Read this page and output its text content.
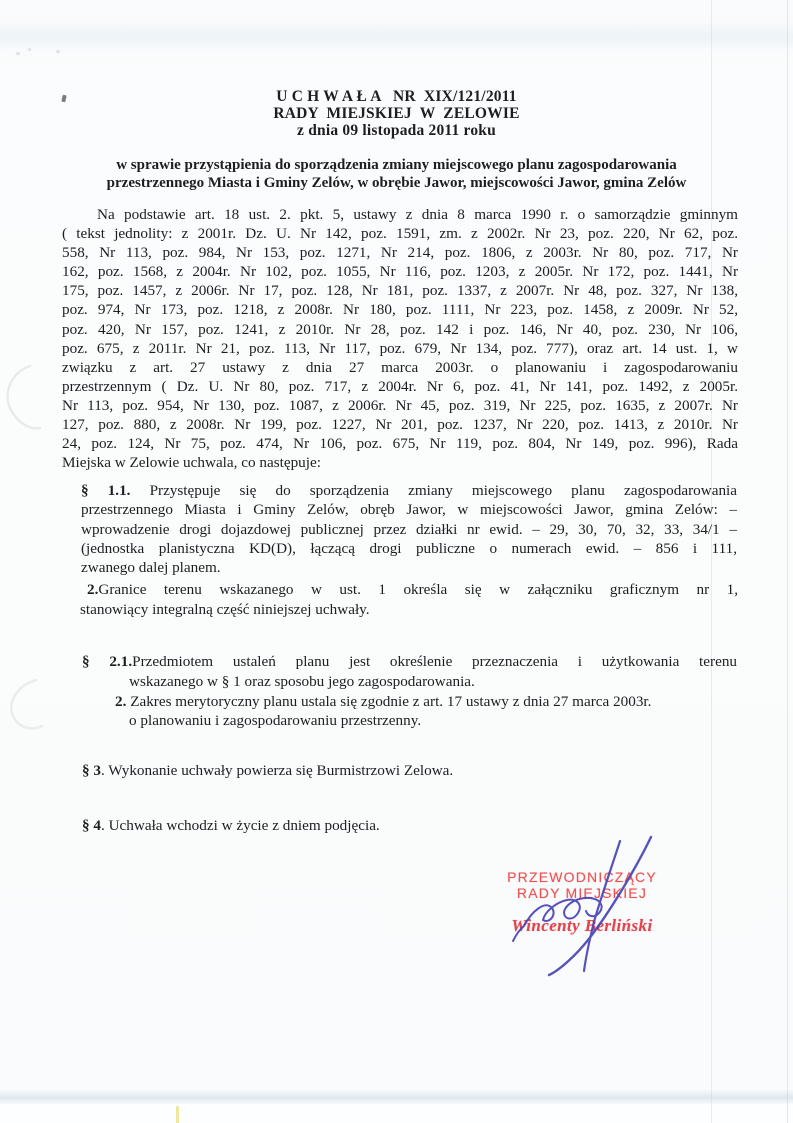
U C H W A Ł A   NR  XIX/121/2011
RADY  MIEJSKIEJ  W  ZELOWIE
z dnia 09 listopada 2011 roku
w sprawie przystąpienia do sporządzenia zmiany miejscowego planu zagospodarowania
przestrzennego Miasta i Gminy Zelów, w obrębie Jawor, miejscowości Jawor, gmina Zelów
Na podstawie art. 18 ust. 2. pkt. 5, ustawy z dnia 8 marca 1990 r. o samorządzie gminnym
( tekst jednolity: z 2001r. Dz. U. Nr 142, poz. 1591, zm. z 2002r. Nr 23, poz. 220, Nr 62, poz.
558, Nr 113, poz. 984, Nr 153, poz. 1271, Nr 214, poz. 1806, z 2003r. Nr 80, poz. 717, Nr
162, poz. 1568, z 2004r. Nr 102, poz. 1055, Nr 116, poz. 1203, z 2005r. Nr 172, poz. 1441, Nr
175, poz. 1457, z 2006r. Nr 17, poz. 128, Nr 181, poz. 1337, z 2007r. Nr 48, poz. 327, Nr 138,
poz. 974, Nr 173, poz. 1218, z 2008r. Nr 180, poz. 1111, Nr 223, poz. 1458, z 2009r. Nr 52,
poz. 420, Nr 157, poz. 1241, z 2010r. Nr 28, poz. 142 i poz. 146, Nr 40, poz. 230, Nr 106,
poz. 675, z 2011r. Nr 21, poz. 113, Nr 117, poz. 679, Nr 134, poz. 777), oraz art. 14 ust. 1, w
związku z art. 27 ustawy z dnia 27 marca 2003r. o planowaniu i zagospodarowaniu
przestrzennym ( Dz. U. Nr 80, poz. 717, z 2004r. Nr 6, poz. 41, Nr 141, poz. 1492, z 2005r.
Nr 113, poz. 954, Nr 130, poz. 1087, z 2006r. Nr 45, poz. 319, Nr 225, poz. 1635, z 2007r. Nr
127, poz. 880, z 2008r. Nr 199, poz. 1227, Nr 201, poz. 1237, Nr 220, poz. 1413, z 2010r. Nr
24, poz. 124, Nr 75, poz. 474, Nr 106, poz. 675, Nr 119, poz. 804, Nr 149, poz. 996), Rada
Miejska w Zelowie uchwala, co następuje:
§ 1.1. Przystępuje się do sporządzenia zmiany miejscowego planu zagospodarowania
przestrzennego Miasta i Gminy Zelów, obręb Jawor, w miejscowości Jawor, gmina Zelów: –
wprowadzenie drogi dojazdowej publicznej przez działki nr ewid. – 29, 30, 70, 32, 33, 34/1 –
(jednostka planistyczna KD(D), łączącą drogi publiczne o numerach ewid. – 856 i 111,
zwanego dalej planem.
2.Granice terenu wskazanego w ust. 1 określa się w załączniku graficznym nr 1,
stanowiący integralną część niniejszej uchwały.
§ 2.1.Przedmiotem ustaleń planu jest określenie przeznaczenia i użytkowania terenu
wskazanego w § 1 oraz sposobu jego zagospodarowania.
2. Zakres merytoryczny planu ustala się zgodnie z art. 17 ustawy z dnia 27 marca 2003r.
o planowaniu i zagospodarowaniu przestrzenny.
§ 3. Wykonanie uchwały powierza się Burmistrzowi Zelowa.
§ 4. Uchwała wchodzi w życie z dniem podjęcia.
PRZEWODNICZĄCY
RADY MIEJSKIEJ
Wincenty Berliński
